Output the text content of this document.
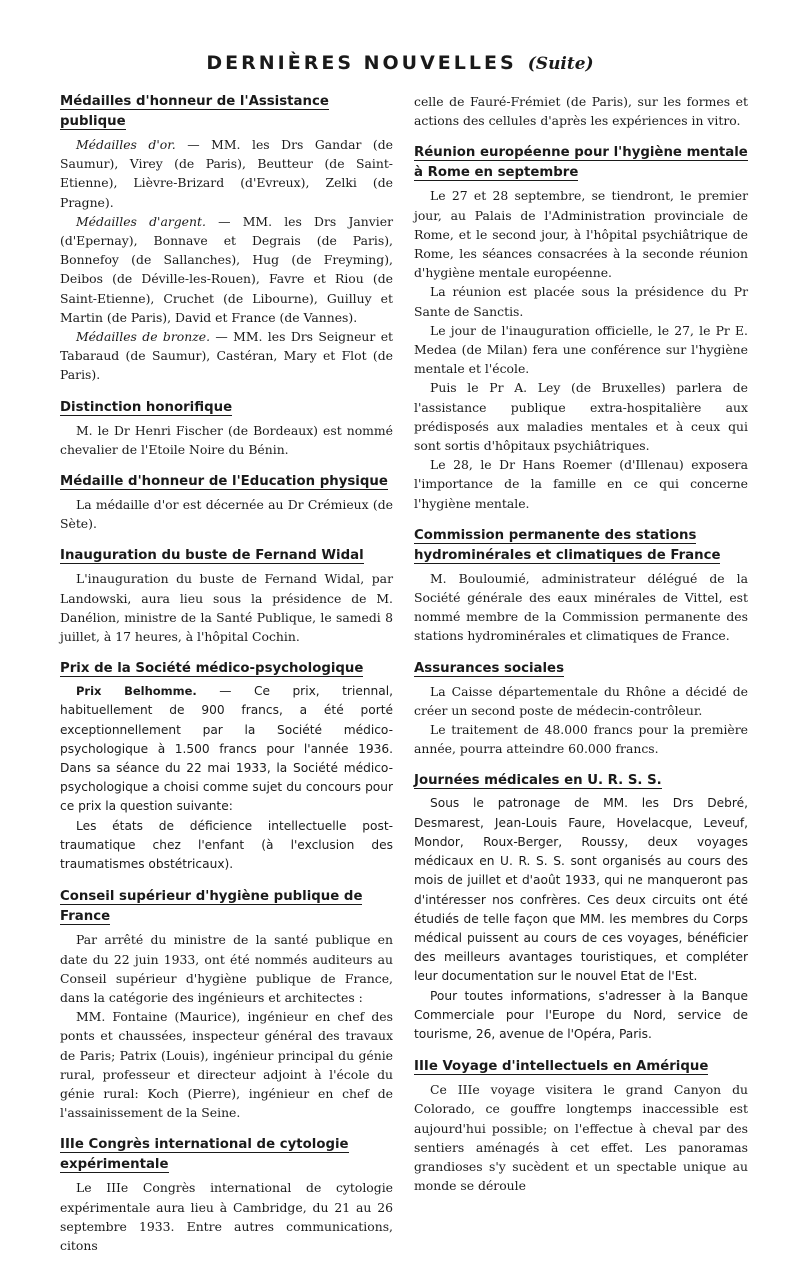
DERNIÈRES NOUVELLES (Suite)
Médailles d'honneur de l'Assistance publique

Médailles d'or. — MM. les Drs Gandar (de Saumur), Virey (de Paris), Beutteur (de Saint-Etienne), Lièvre-Brizard (d'Evreux), Zelki (de Pragne).

Médailles d'argent. — MM. les Drs Janvier (d'Epernay), Bonnave et Degrais (de Paris), Bonnefoy (de Sallanches), Hug (de Freyming), Deibos (de Déville-les-Rouen), Favre et Riou (de Saint-Etienne), Cruchet (de Libourne), Guilluy et Martin (de Paris), David et France (de Vannes).

Médailles de bronze. — MM. les Drs Seigneur et Tabaraud (de Saumur), Castéran, Mary et Flot (de Paris).

Distinction honorifique

M. le Dr Henri Fischer (de Bordeaux) est nommé chevalier de l'Etoile Noire du Bénin.

Médaille d'honneur de l'Education physique

La médaille d'or est décernée au Dr Crémieux (de Sète).

Inauguration du buste de Fernand Widal

L'inauguration du buste de Fernand Widal, par Landowski, aura lieu sous la présidence de M. Danélion, ministre de la Santé Publique, le samedi 8 juillet, à 17 heures, à l'hôpital Cochin.

Prix de la Société médico-psychologique

Prix Belhomme. — Ce prix, triennal, habituellement de 900 francs, a été porté exceptionnellement par la Société médico-psychologique à 1.500 francs pour l'année 1936. Dans sa séance du 22 mai 1933, la Société médico-psychologique a choisi comme sujet du concours pour ce prix la question suivante:

Les états de déficience intellectuelle post-traumatique chez l'enfant (à l'exclusion des traumatismes obstétricaux).

Conseil supérieur d'hygiène publique de France

Par arrêté du ministre de la santé publique en date du 22 juin 1933, ont été nommés auditeurs au Conseil supérieur d'hygiène publique de France, dans la catégorie des ingénieurs et architectes :

MM. Fontaine (Maurice), ingénieur en chef des ponts et chaussées, inspecteur général des travaux de Paris; Patrix (Louis), ingénieur principal du génie rural, professeur et directeur adjoint à l'école du génie rural: Koch (Pierre), ingénieur en chef de l'assainissement de la Seine.

IIIe Congrès international de cytologie expérimentale

Le IIIe Congrès international de cytologie expérimentale aura lieu à Cambridge, du 21 au 26 septembre 1933. Entre autres communications, citons

celle de Fauré-Frémiet (de Paris), sur les formes et actions des cellules d'après les expériences in vitro.

Réunion européenne pour l'hygiène mentale à Rome en septembre

Le 27 et 28 septembre, se tiendront, le premier jour, au Palais de l'Administration provinciale de Rome, et le second jour, à l'hôpital psychiâtrique de Rome, les séances consacrées à la seconde réunion d'hygiène mentale européenne.

La réunion est placée sous la présidence du Pr Sante de Sanctis.

Le jour de l'inauguration officielle, le 27, le Pr E. Medea (de Milan) fera une conférence sur l'hygiène mentale et l'école.

Puis le Pr A. Ley (de Bruxelles) parlera de l'assistance publique extra-hospitalière aux prédisposés aux maladies mentales et à ceux qui sont sortis d'hôpitaux psychiâtriques.

Le 28, le Dr Hans Roemer (d'Illenau) exposera l'importance de la famille en ce qui concerne l'hygiène mentale.

Commission permanente des stations hydrominérales et climatiques de France

M. Bouloumié, administrateur délégué de la Société générale des eaux minérales de Vittel, est nommé membre de la Commission permanente des stations hydrominérales et climatiques de France.

Assurances sociales

La Caisse départementale du Rhône a décidé de créer un second poste de médecin-contrôleur.

Le traitement de 48.000 francs pour la première année, pourra atteindre 60.000 francs.

Journées médicales en U. R. S. S.

Sous le patronage de MM. les Drs Debré, Desmarest, Jean-Louis Faure, Hovelacque, Leveuf, Mondor, Roux-Berger, Roussy, deux voyages médicaux en U. R. S. S. sont organisés au cours des mois de juillet et d'août 1933, qui ne manqueront pas d'intéresser nos confrères. Ces deux circuits ont été étudiés de telle façon que MM. les membres du Corps médical puissent au cours de ces voyages, bénéficier des meilleurs avantages touristiques, et compléter leur documentation sur le nouvel Etat de l'Est.

Pour toutes informations, s'adresser à la Banque Commerciale pour l'Europe du Nord, service de tourisme, 26, avenue de l'Opéra, Paris.

IIIe Voyage d'intellectuels en Amérique

Ce IIIe voyage visitera le grand Canyon du Colorado, ce gouffre longtemps inaccessible est aujourd'hui possible; on l'effectue à cheval par des sentiers aménagés à cet effet. Les panoramas grandioses s'y sucèdent et un spectable unique au monde se déroule
